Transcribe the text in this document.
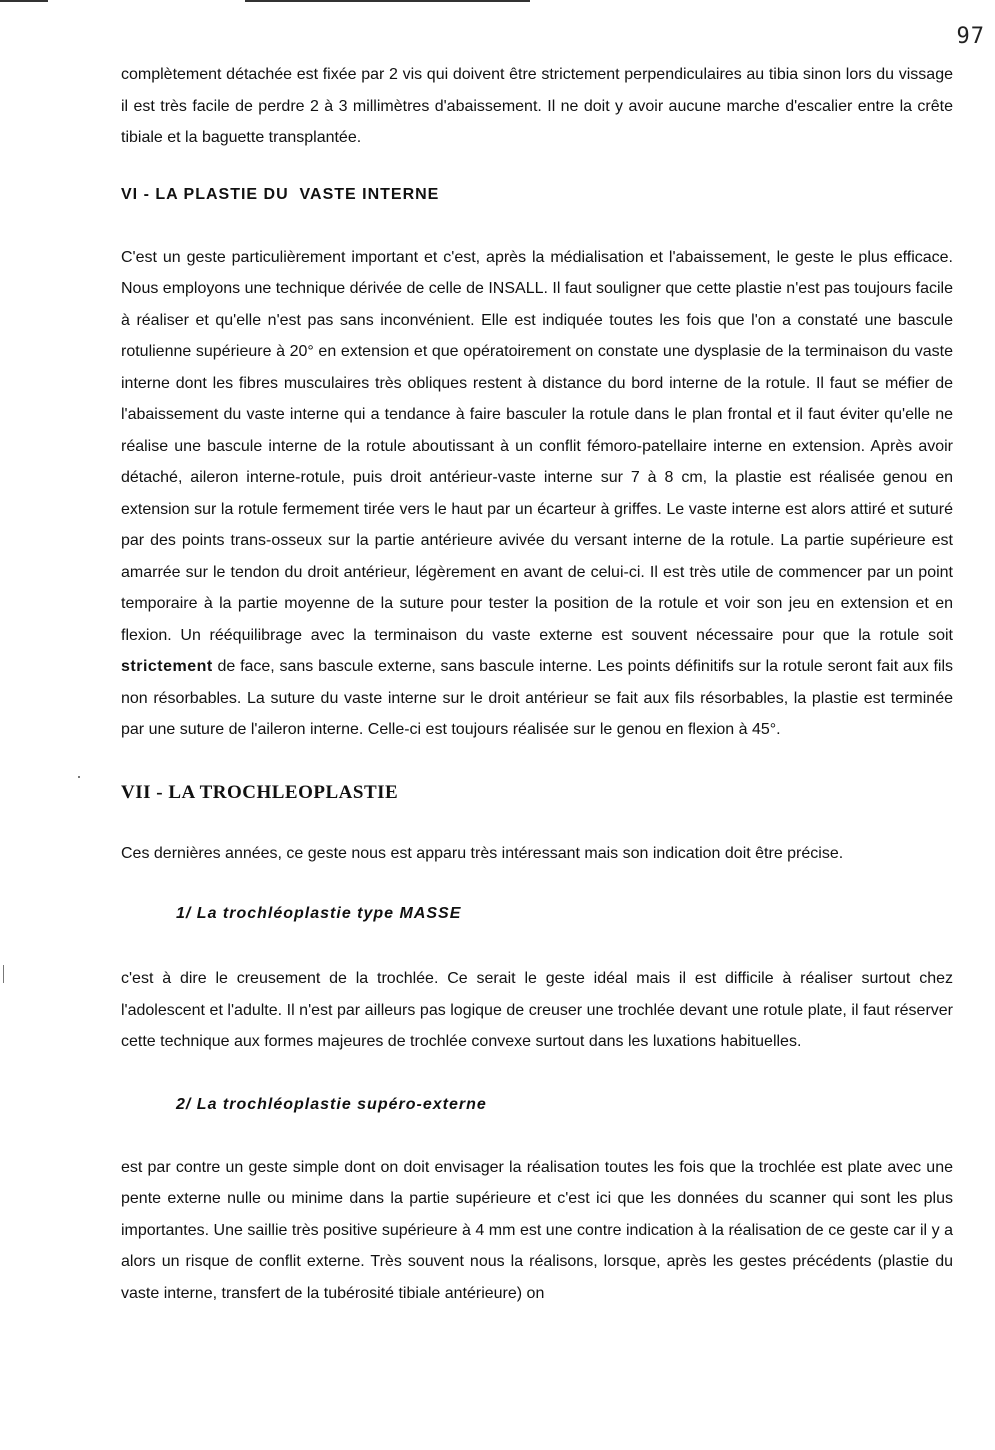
97

complètement détachée est fixée par 2 vis qui doivent être strictement perpendiculaires au tibia sinon lors du vissage il est très facile de perdre 2 à 3 millimètres d'abaissement. Il ne doit y avoir aucune marche d'escalier entre la crête tibiale et la baguette transplantée.

VI - LA PLASTIE DU  VASTE INTERNE

C'est un geste particulièrement important et c'est, après la médialisation et l'abaissement, le geste le plus efficace. Nous employons une technique dérivée de celle de INSALL. Il faut souligner que cette plastie n'est pas toujours facile à réaliser et qu'elle n'est pas sans inconvénient. Elle est indiquée toutes les fois que l'on a constaté une bascule rotulienne supérieure à 20° en extension et que opératoirement on constate une dysplasie de la terminaison du vaste interne dont les fibres musculaires très obliques restent à distance du bord interne de la rotule. Il faut se méfier de l'abaissement du vaste interne qui a tendance à faire basculer la rotule dans le plan frontal et il faut éviter qu'elle ne réalise une bascule interne de la rotule aboutissant à un conflit fémoro-patellaire interne en extension. Après avoir détaché, aileron interne-rotule, puis droit antérieur-vaste interne sur 7 à 8 cm, la plastie est réalisée genou en extension sur la rotule fermement tirée vers le haut par un écarteur à griffes. Le vaste interne est alors attiré et suturé par des points trans-osseux sur la partie antérieure avivée du versant interne de la rotule. La partie supérieure est amarrée sur le tendon du droit antérieur, légèrement en avant de celui-ci. Il est très utile de commencer par un point temporaire à la partie moyenne de la suture pour tester la position de la rotule et voir son jeu en extension et en flexion. Un rééquilibrage avec la terminaison du vaste externe est souvent nécessaire pour que la rotule soit strictement de face, sans bascule externe, sans bascule interne. Les points définitifs sur la rotule seront fait aux fils non résorbables. La suture du vaste interne sur le droit antérieur se fait aux fils résorbables, la plastie est terminée par une suture de l'aileron interne. Celle-ci est toujours réalisée sur le genou en flexion à 45°.

VII - LA TROCHLEOPLASTIE

Ces dernières années, ce geste nous est apparu très intéressant mais son indication doit être précise.

1/ La trochléoplastie type MASSE

c'est à dire le creusement de la trochlée. Ce serait le geste idéal mais il est difficile à réaliser surtout chez l'adolescent et l'adulte. Il n'est par ailleurs pas logique de creuser une trochlée devant une rotule plate, il faut réserver cette technique aux formes majeures de trochlée convexe surtout dans les luxations habituelles.

2/ La trochléoplastie supéro-externe

est par contre un geste simple dont on doit envisager la réalisation toutes les fois que la trochlée est plate avec une pente externe nulle ou minime dans la partie supérieure et c'est ici que les données du scanner qui sont les plus importantes. Une saillie très positive supérieure à 4 mm est une contre indication à la réalisation de ce geste car il y a alors un risque de conflit externe. Très souvent nous la réalisons, lorsque, après les gestes précédents (plastie du vaste interne, transfert de la tubérosité tibiale antérieure) on
